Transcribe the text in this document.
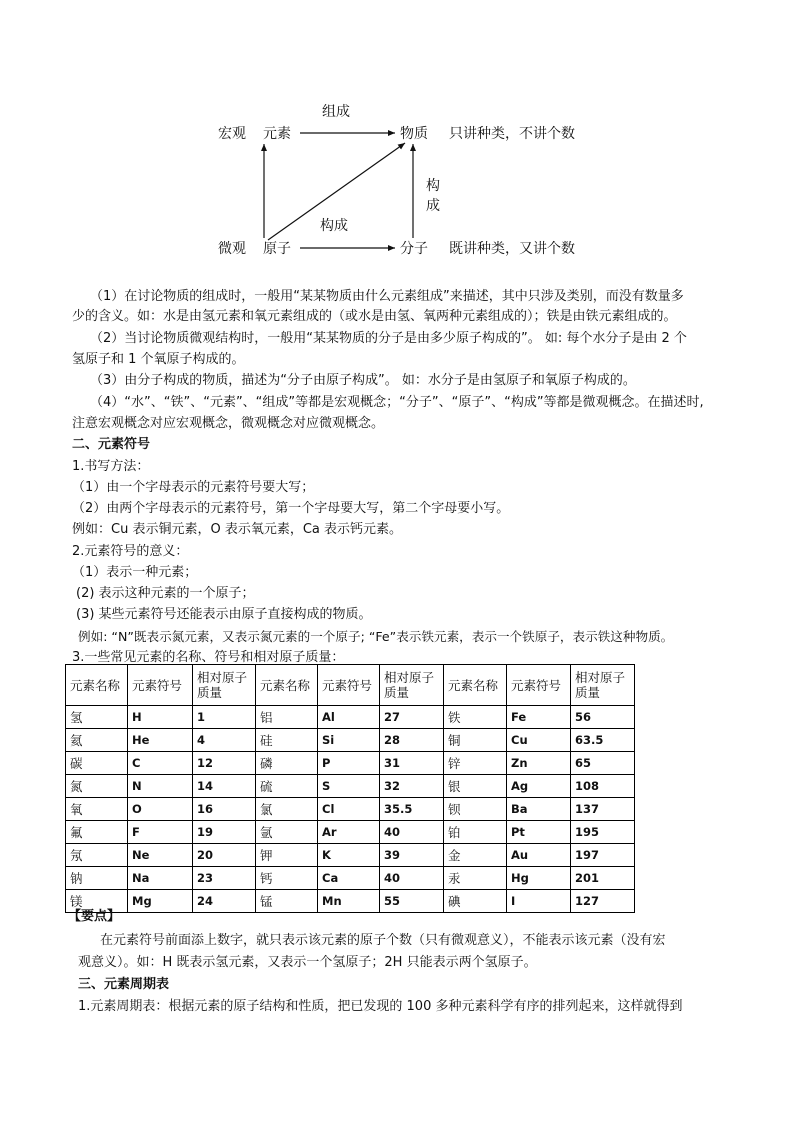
组成
宏观 元素	物质 只讲种类，不讲个数
构成
构成
微观 原子	分子 既讲种类，又讲个数
（1）在讨论物质的组成时，一般用“某某物质由什么元素组成”来描述，其中只涉及类别，而没有数量多
少的含义。如：水是由氢元素和氧元素组成的（或水是由氢、氧两种元素组成的）；铁是由铁元素组成的。
（2）当讨论物质微观结构时，一般用“某某物质的分子是由多少原子构成的”。 如: 每个水分子是由 2 个
氢原子和 1 个氧原子构成的。
（3）由分子构成的物质，描述为“分子由原子构成”。 如：水分子是由氢原子和氧原子构成的。
（4）“水”、“铁”、“元素”、“组成”等都是宏观概念；“分子”、“原子”、“构成”等都是微观概念。在描述时,
注意宏观概念对应宏观概念，微观概念对应微观概念。
二、元素符号
1.书写方法：
（1）由一个字母表示的元素符号要大写；
（2）由两个字母表示的元素符号，第一个字母要大写，第二个字母要小写。
例如：Cu 表示铜元素，O 表示氧元素，Ca 表示钙元素。
2.元素符号的意义：
（1）表示一种元素；
(2) 表示这种元素的一个原子；
(3) 某些元素符号还能表示由原子直接构成的物质。
例如: “N”既表示氮元素，又表示氮元素的一个原子; “Fe”表示铁元素，表示一个铁原子，表示铁这种物质。
3.一些常见元素的名称、符号和相对原子质量：
元素名称	元素符号	相对原子质量	元素名称	元素符号	相对原子质量	元素名称	元素符号	相对原子质量
氢	H	1	铝	Al	27	铁	Fe	56
氦	He	4	硅	Si	28	铜	Cu	63.5
碳	C	12	磷	P	31	锌	Zn	65
氮	N	14	硫	S	32	银	Ag	108
氧	O	16	氯	Cl	35.5	钡	Ba	137
氟	F	19	氩	Ar	40	铂	Pt	195
氖	Ne	20	钾	K	39	金	Au	197
钠	Na	23	钙	Ca	40	汞	Hg	201
镁	Mg	24	锰	Mn	55	碘	I	127
【要点】
在元素符号前面添上数字，就只表示该元素的原子个数（只有微观意义），不能表示该元素（没有宏
观意义）。如：H 既表示氢元素，又表示一个氢原子；2H 只能表示两个氢原子。
三、元素周期表
1.元素周期表：根据元素的原子结构和性质，把已发现的 100 多种元素科学有序的排列起来，这样就得到
